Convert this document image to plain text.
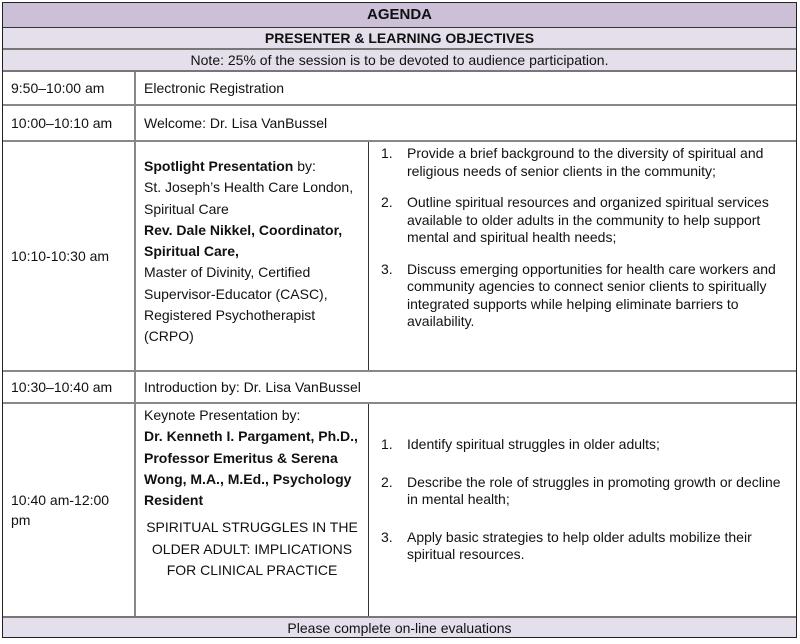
AGENDA
PRESENTER & LEARNING OBJECTIVES
Note: 25% of the session is to be devoted to audience participation.
9:50–10:00 am	Electronic Registration
10:00–10:10 am Welcome: Dr. Lisa VanBussel
10:10-10:30 am
Spotlight Presentation by:
St. Joseph’s Health Care London, Spiritual Care
Rev. Dale Nikkel, Coordinator, Spiritual Care,
Master of Divinity, Certified Supervisor-Educator (CASC), Registered Psychotherapist (CRPO)
1. Provide a brief background to the diversity of spiritual and religious needs of senior clients in the community;
2. Outline spiritual resources and organized spiritual services available to older adults in the community to help support mental and spiritual health needs;
3. Discuss emerging opportunities for health care workers and community agencies to connect senior clients to spiritually integrated supports while helping eliminate barriers to availability.
10:30–10:40 am Introduction by: Dr. Lisa VanBussel
10:40 am-12:00 pm
Keynote Presentation by:
Dr. Kenneth I. Pargament, Ph.D., Professor Emeritus & Serena Wong, M.A., M.Ed., Psychology Resident
SPIRITUAL STRUGGLES IN THE OLDER ADULT: IMPLICATIONS FOR CLINICAL PRACTICE
1. Identify spiritual struggles in older adults;
2. Describe the role of struggles in promoting growth or decline in mental health;
3. Apply basic strategies to help older adults mobilize their spiritual resources.
Please complete on-line evaluations
